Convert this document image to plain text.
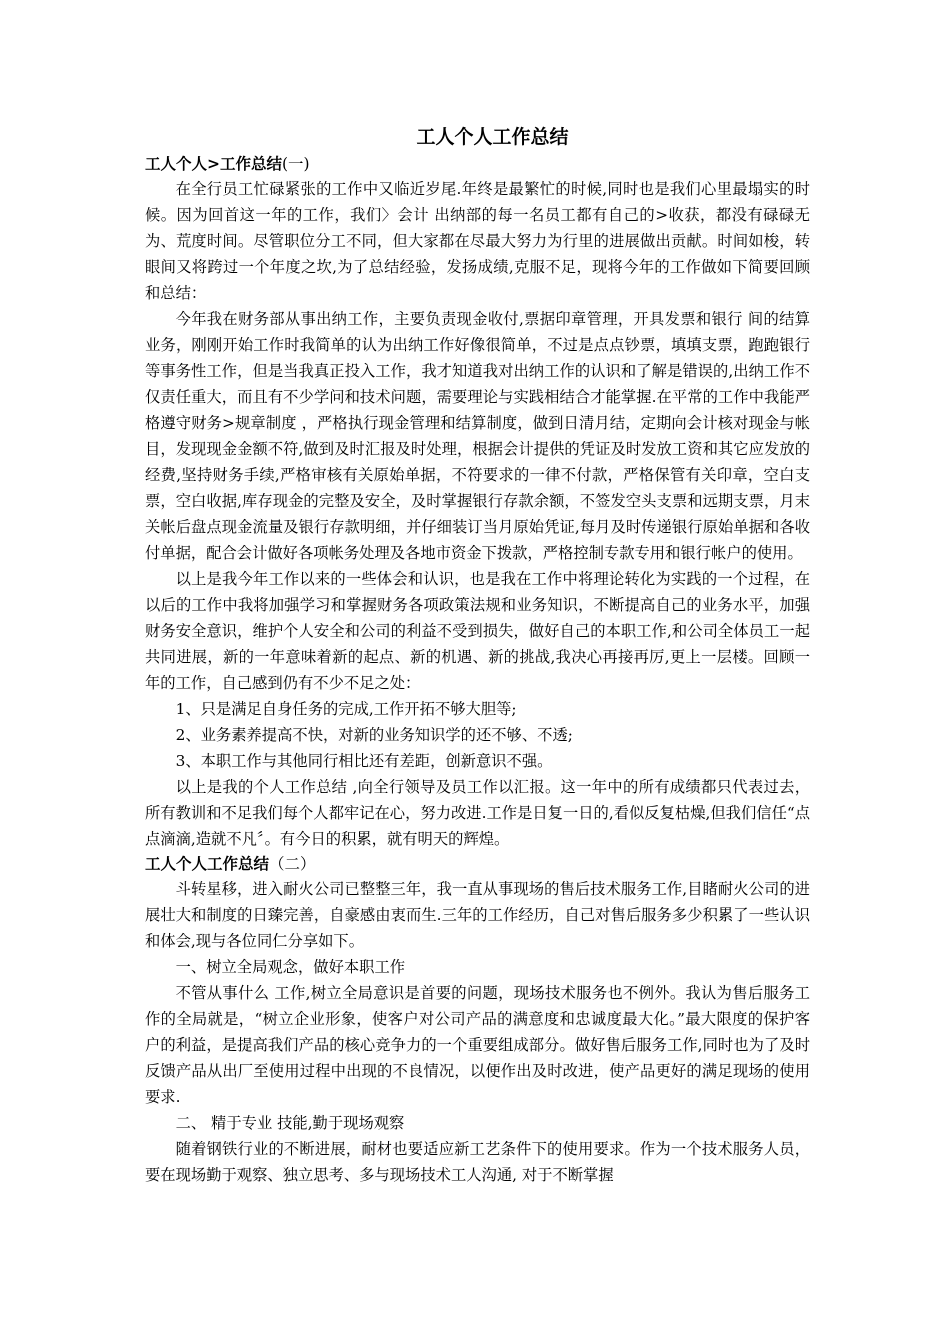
工人个人工作总结
工人个人>工作总结(一)

在全行员工忙碌紧张的工作中又临近岁尾.年终是最繁忙的时候,同时也是我们心里最塌实的时候。因为回首这一年的工作，我们〉会计 出纳部的每一名员工都有自己的>收获，都没有碌碌无为、荒度时间。尽管职位分工不同，但大家都在尽最大努力为行里的进展做出贡献。时间如梭，转眼间又将跨过一个年度之坎,为了总结经验，发扬成绩,克服不足，现将今年的工作做如下简要回顾和总结：

今年我在财务部从事出纳工作，主要负责现金收付,票据印章管理，开具发票和银行 间的结算业务，刚刚开始工作时我简单的认为出纳工作好像很简单，不过是点点钞票，填填支票，跑跑银行等事务性工作，但是当我真正投入工作，我才知道我对出纳工作的认识和了解是错误的,出纳工作不仅责任重大，而且有不少学问和技术问题，需要理论与实践相结合才能掌握.在平常的工作中我能严格遵守财务>规章制度 ，严格执行现金管理和结算制度，做到日清月结，定期向会计核对现金与帐目，发现现金金额不符,做到及时汇报及时处理，根据会计提供的凭证及时发放工资和其它应发放的经费,坚持财务手续,严格审核有关原始单据，不符要求的一律不付款，严格保管有关印章，空白支票，空白收据,库存现金的完整及安全，及时掌握银行存款余额，不签发空头支票和远期支票，月末关帐后盘点现金流量及银行存款明细，并仔细装订当月原始凭证,每月及时传递银行原始单据和各收付单据，配合会计做好各项帐务处理及各地市资金下拨款，严格控制专款专用和银行帐户的使用。

以上是我今年工作以来的一些体会和认识，也是我在工作中将理论转化为实践的一个过程，在以后的工作中我将加强学习和掌握财务各项政策法规和业务知识，不断提高自己的业务水平，加强财务安全意识，维护个人安全和公司的利益不受到损失，做好自己的本职工作,和公司全体员工一起共同进展，新的一年意味着新的起点、新的机遇、新的挑战,我决心再接再厉,更上一层楼。回顾一年的工作，自己感到仍有不少不足之处：

1、只是满足自身任务的完成,工作开拓不够大胆等;

2、业务素养提高不快，对新的业务知识学的还不够、不透;

3、本职工作与其他同行相比还有差距，创新意识不强。

以上是我的个人工作总结 ,向全行领导及员工作以汇报。这一年中的所有成绩都只代表过去，所有教训和不足我们每个人都牢记在心，努力改进.工作是日复一日的,看似反复枯燥,但我们信任“点点滴滴,造就不凡〞。有今日的积累，就有明天的辉煌。

工人个人工作总结（二）

斗转星移，进入耐火公司已整整三年，我一直从事现场的售后技术服务工作,目睹耐火公司的进展壮大和制度的日臻完善，自豪感由衷而生.三年的工作经历，自己对售后服务多少积累了一些认识和体会,现与各位同仁分享如下。

一、树立全局观念，做好本职工作

不管从事什么 工作,树立全局意识是首要的问题，现场技术服务也不例外。我认为售后服务工作的全局就是，“树立企业形象，使客户对公司产品的满意度和忠诚度最大化。”最大限度的保护客户的利益，是提高我们产品的核心竞争力的一个重要组成部分。做好售后服务工作,同时也为了及时反馈产品从出厂至使用过程中出现的不良情况，以便作出及时改进，使产品更好的满足现场的使用要求.

二、 精于专业 技能,勤于现场观察

随着钢铁行业的不断进展，耐材也要适应新工艺条件下的使用要求。作为一个技术服务人员，要在现场勤于观察、独立思考、多与现场技术工人沟通, 对于不断掌握
